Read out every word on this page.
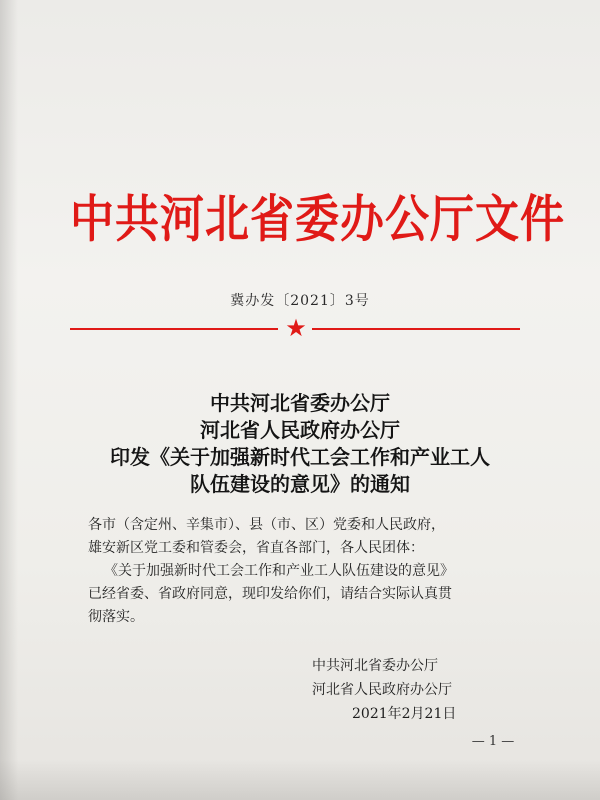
中共河北省委办公厅文件
冀办发〔2021〕3号
★
中共河北省委办公厅
河北省人民政府办公厅
印发《关于加强新时代工会工作和产业工人
队伍建设的意见》的通知

各市（含定州、辛集市）、县（市、区）党委和人民政府，

雄安新区党工委和管委会，省直各部门，各人民团体：

《关于加强新时代工会工作和产业工人队伍建设的意见》

已经省委、省政府同意，现印发给你们，请结合实际认真贯

彻落实。

中共河北省委办公厅
河北省人民政府办公厅
2021年2月21日
— 1 —
